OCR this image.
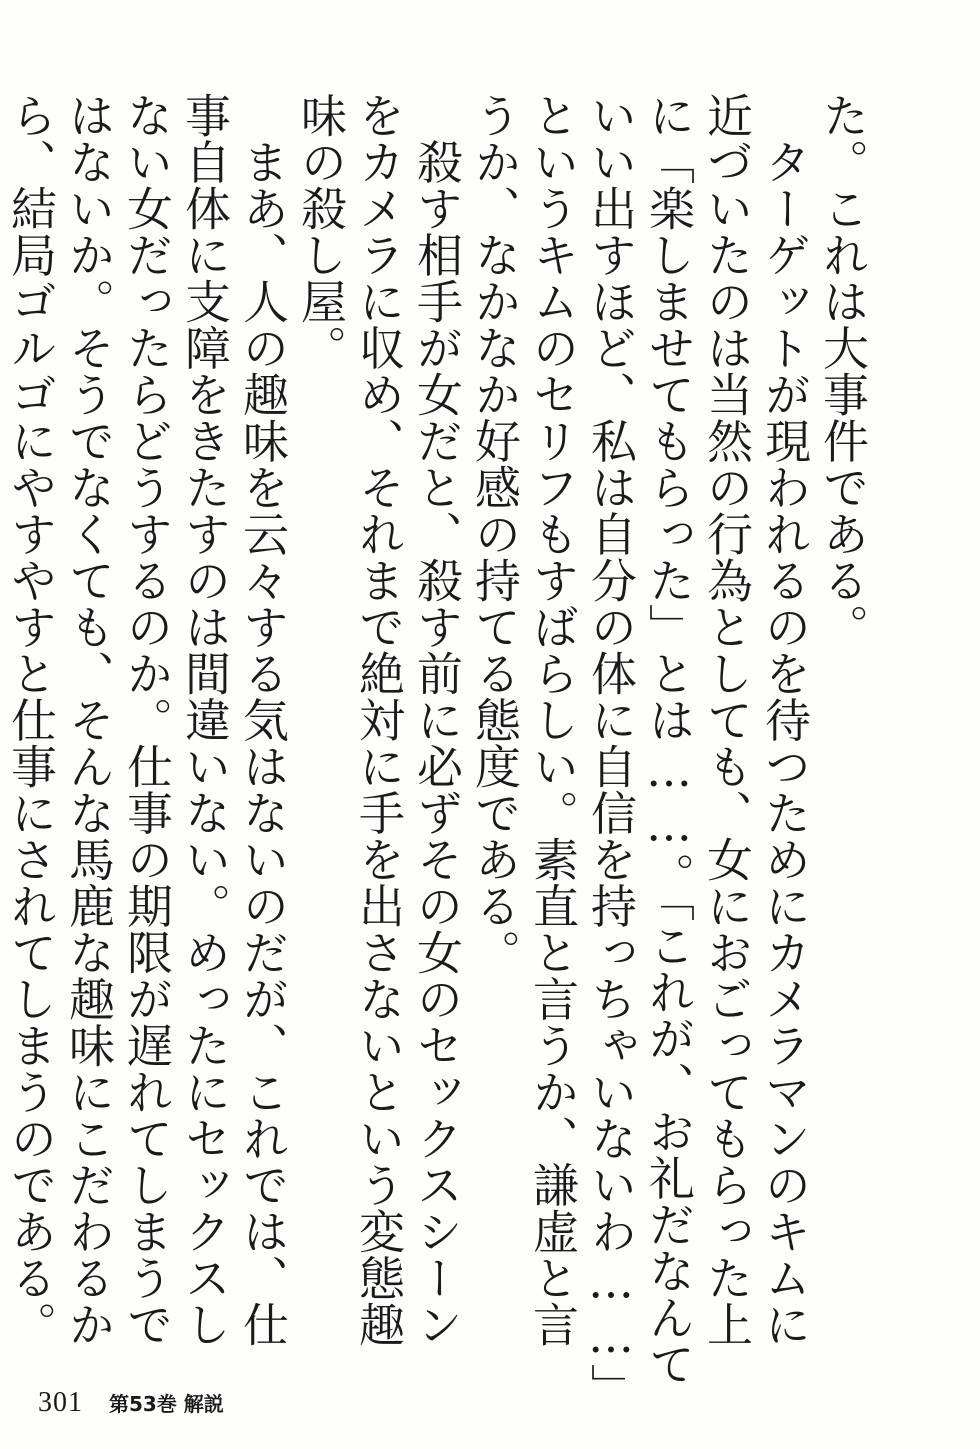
た。これは大事件である。

　ターゲットが現われるのを待つためにカメラマンのキムに近づいたのは当然の行為としても、女におごってもらった上に「楽しませてもらった」とは……。「これが、お礼だなんていい出すほど、私は自分の体に自信を持っちゃいないわ……」というキムのセリフもすばらしい。素直と言うか、謙虚と言うか、なかなか好感の持てる態度である。

　殺す相手が女だと、殺す前に必ずその女のセックスシーンをカメラに収め、それまで絶対に手を出さないという変態趣味の殺し屋。

　まあ、人の趣味を云々する気はないのだが、これでは、仕事自体に支障をきたすのは間違いない。めったにセックスしない女だったらどうするのか。仕事の期限が遅れてしまうではないか。そうでなくても、そんな馬鹿な趣味にこだわるから、結局ゴルゴにやすやすと仕事にされてしまうのである。

301 第53巻 解説
